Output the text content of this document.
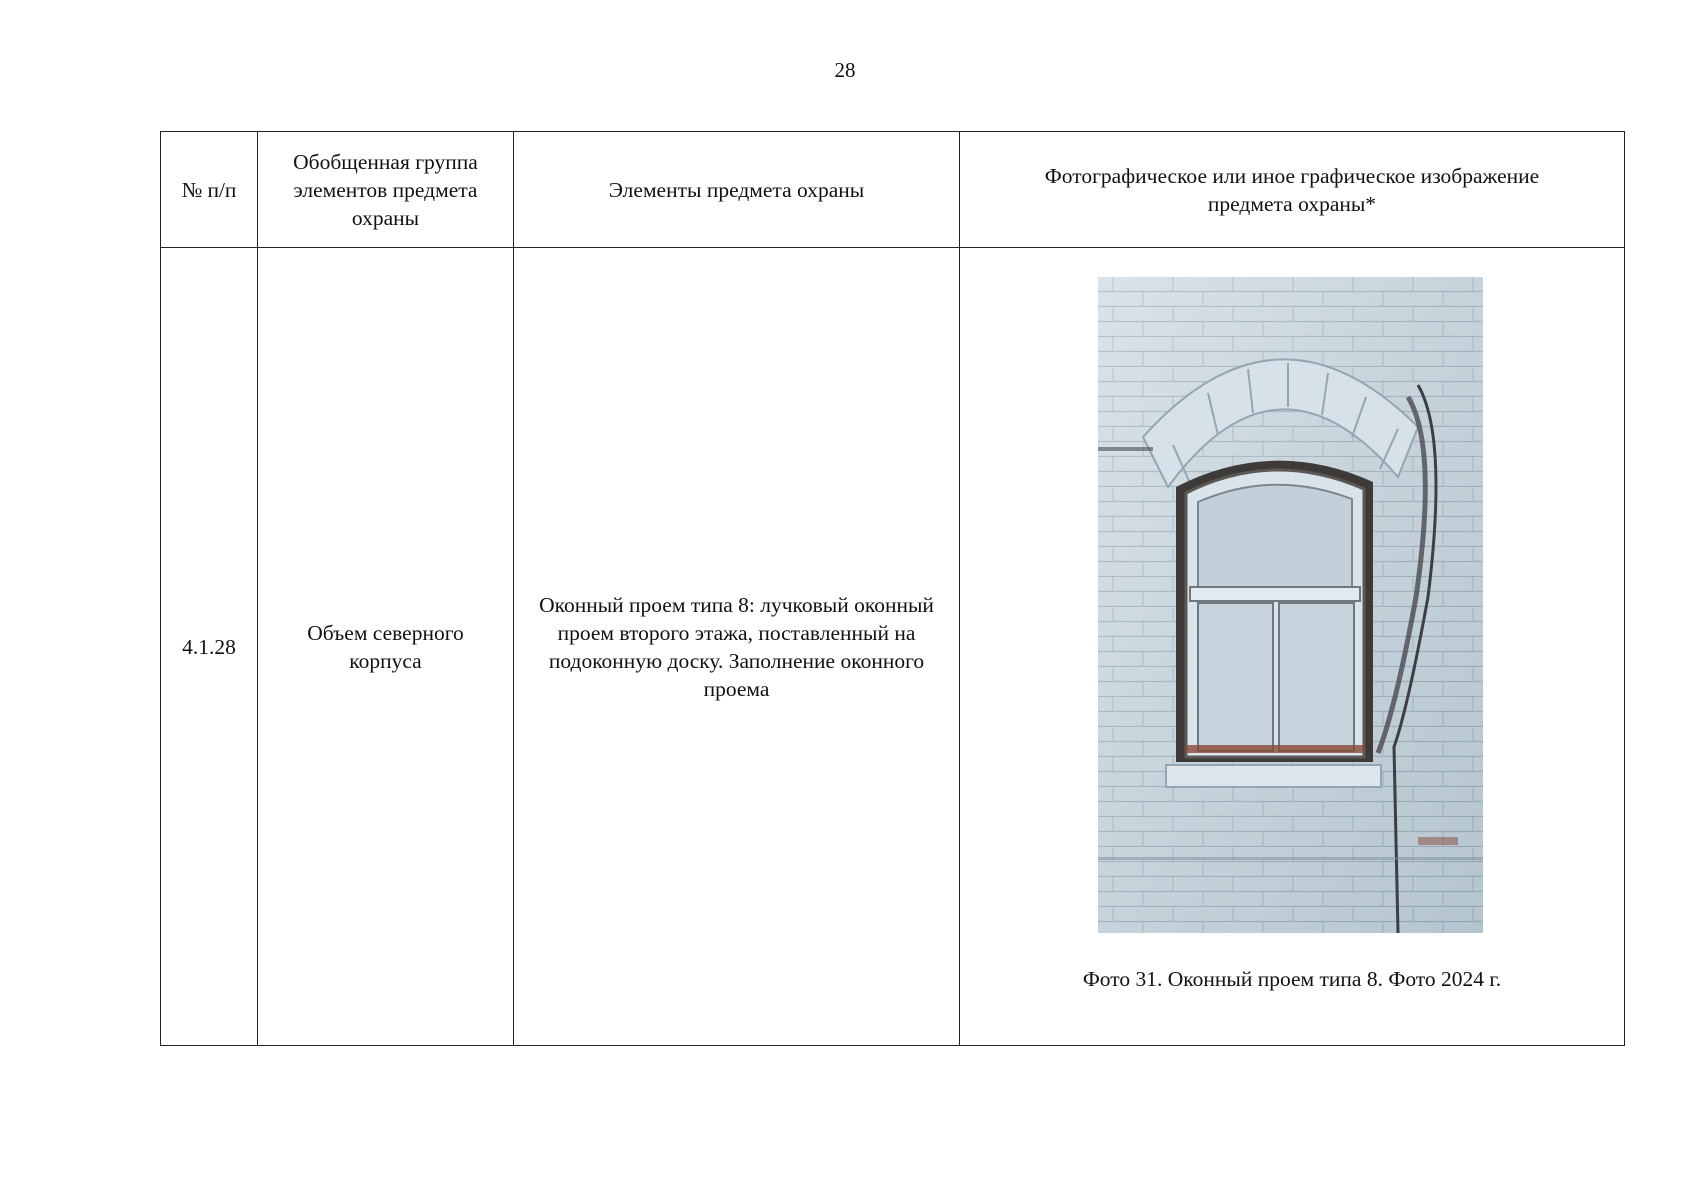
28
№ п/п	Обобщенная группа элементов предмета охраны	Элементы предмета охраны	Фотографическое или иное графическое изображение предмета охраны*
4.1.28	Объем северного корпуса	Оконный проем типа 8: лучковый оконный проем второго этажа, поставленный на подоконную доску. Заполнение оконного проема	Фото 31. Оконный проем типа 8. Фото 2024 г.
